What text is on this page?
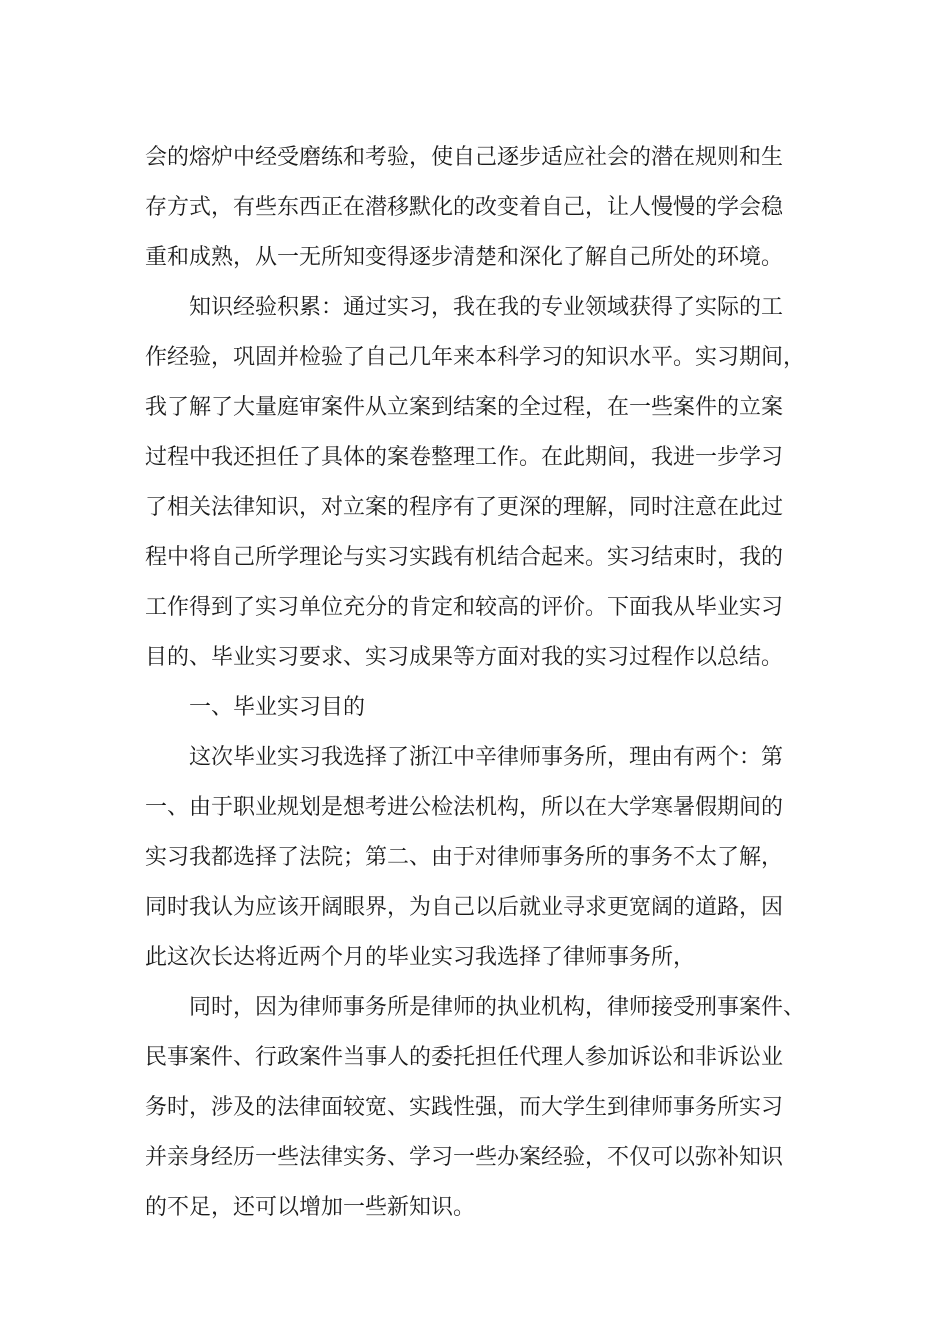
会的熔炉中经受磨练和考验，使自己逐步适应社会的潜在规则和生
存方式，有些东西正在潜移默化的改变着自己，让人慢慢的学会稳
重和成熟，从一无所知变得逐步清楚和深化了解自己所处的环境。
知识经验积累：通过实习，我在我的专业领域获得了实际的工
作经验，巩固并检验了自己几年来本科学习的知识水平。实习期间，
我了解了大量庭审案件从立案到结案的全过程，在一些案件的立案
过程中我还担任了具体的案卷整理工作。在此期间，我进一步学习
了相关法律知识，对立案的程序有了更深的理解，同时注意在此过
程中将自己所学理论与实习实践有机结合起来。实习结束时，我的
工作得到了实习单位充分的肯定和较高的评价。下面我从毕业实习
目的、毕业实习要求、实习成果等方面对我的实习过程作以总结。
一、毕业实习目的
这次毕业实习我选择了浙江中辛律师事务所，理由有两个：第
一、由于职业规划是想考进公检法机构，所以在大学寒暑假期间的
实习我都选择了法院；第二、由于对律师事务所的事务不太了解，
同时我认为应该开阔眼界，为自己以后就业寻求更宽阔的道路，因
此这次长达将近两个月的毕业实习我选择了律师事务所，
同时，因为律师事务所是律师的执业机构，律师接受刑事案件、
民事案件、行政案件当事人的委托担任代理人参加诉讼和非诉讼业
务时，涉及的法律面较宽、实践性强，而大学生到律师事务所实习
并亲身经历一些法律实务、学习一些办案经验，不仅可以弥补知识
的不足，还可以增加一些新知识。
